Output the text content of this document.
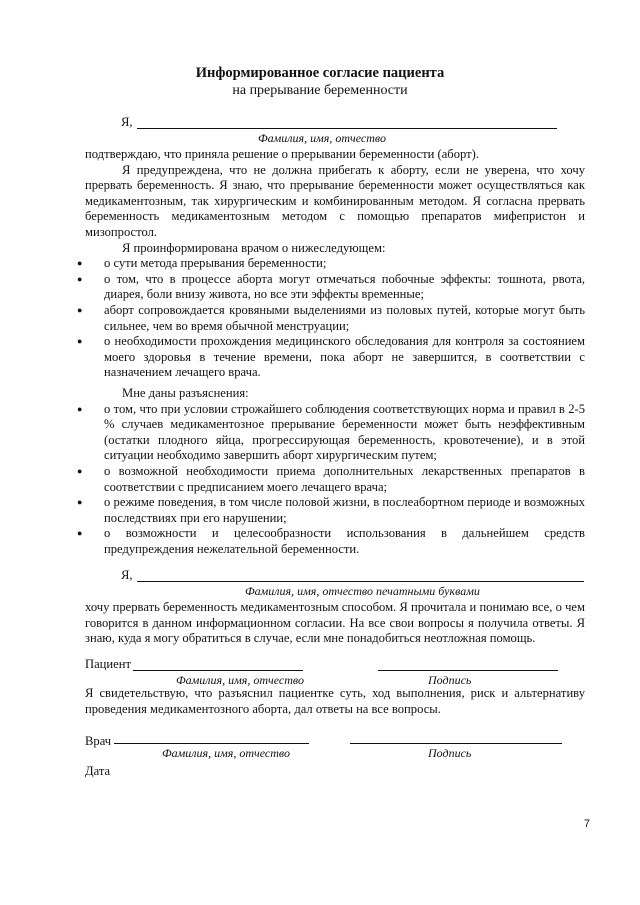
Информированное согласие пациента
на прерывание беременности
Я,
Фамилия, имя, отчество

подтверждаю, что приняла решение о прерывании беременности (аборт).

Я предупреждена, что не должна прибегать к аборту, если не уверена, что хочу прервать беременность. Я знаю, что прерывание беременности может осуществляться как медикаментозным, так хирургическим и комбинированным методом. Я согласна прервать беременность медикаментозным методом с помощью препаратов мифепристон и мизопростол.

Я проинформирована врачом о нижеследующем:

● о сути метода прерывания беременности;
● о том, что в процессе аборта могут отмечаться побочные эффекты: тошнота, рвота, диарея, боли внизу живота, но все эти эффекты временные;
● аборт сопровождается кровяными выделениями из половых путей, которые могут быть сильнее, чем во время обычной менструации;
● о необходимости прохождения медицинского обследования для контроля за состоянием моего здоровья в течение времени, пока аборт не завершится, в соответствии с назначением лечащего врача.

Мне даны разъяснения:

● о том, что при условии строжайшего соблюдения соответствующих норма и правил в 2-5 % случаев медикаментозное прерывание беременности может быть неэффективным (остатки плодного яйца, прогрессирующая беременность, кровотечение), и в этой ситуации необходимо завершить аборт хирургическим путем;
● о возможной необходимости приема дополнительных лекарственных препаратов в соответствии с предписанием моего лечащего врача;
● о режиме поведения, в том числе половой жизни, в послеабортном периоде и возможных последствиях при его нарушении;
● о возможности и целесообразности использования в дальнейшем средств предупреждения нежелательной беременности.
Я,
Фамилия, имя, отчество печатными буквами

хочу прервать беременность медикаментозным способом. Я прочитала и понимаю все, о чем говорится в данном информационном согласии. На все свои вопросы я получила ответы. Я знаю, куда я могу обратиться в случае, если мне понадобиться неотложная помощь.

Пациент
Фамилия, имя, отчество	Подпись

Я свидетельствую, что разъяснил пациентке суть, ход выполнения, риск и альтернативу проведения медикаментозного аборта, дал ответы на все вопросы.

Врач
Фамилия, имя, отчество	Подпись
Дата
7
